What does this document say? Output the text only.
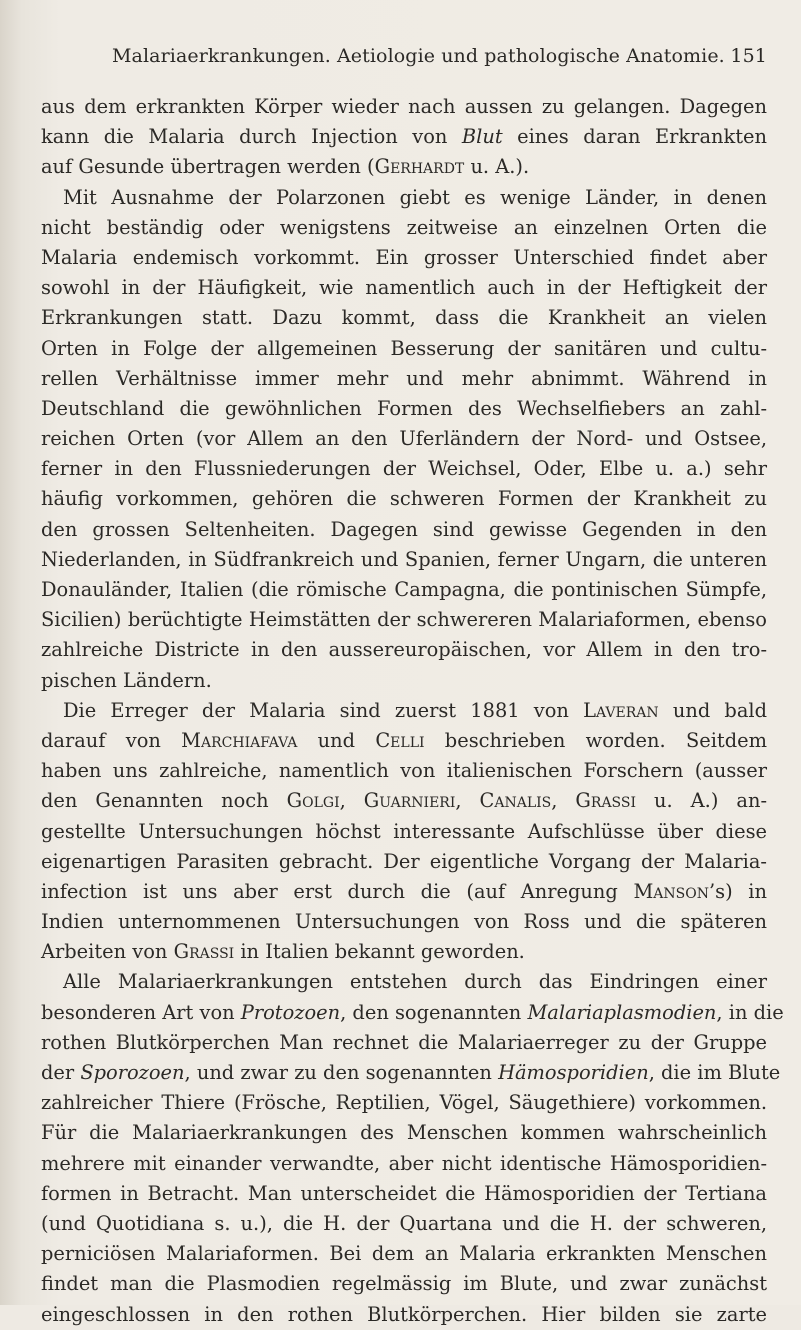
Malariaerkrankungen. Aetiologie und pathologische Anatomie. 151
aus dem erkrankten Körper wieder nach aussen zu gelangen. Dagegen
kann die Malaria durch Injection von Blut eines daran Erkrankten
auf Gesunde übertragen werden (Gerhardt u. A.).
Mit Ausnahme der Polarzonen giebt es wenige Länder, in denen
nicht beständig oder wenigstens zeitweise an einzelnen Orten die
Malaria endemisch vorkommt. Ein grosser Unterschied findet aber
sowohl in der Häufigkeit, wie namentlich auch in der Heftigkeit der
Erkrankungen statt. Dazu kommt, dass die Krankheit an vielen
Orten in Folge der allgemeinen Besserung der sanitären und cultu-
rellen Verhältnisse immer mehr und mehr abnimmt. Während in
Deutschland die gewöhnlichen Formen des Wechselfiebers an zahl-
reichen Orten (vor Allem an den Uferländern der Nord- und Ostsee,
ferner in den Flussniederungen der Weichsel, Oder, Elbe u. a.) sehr
häufig vorkommen, gehören die schweren Formen der Krankheit zu
den grossen Seltenheiten. Dagegen sind gewisse Gegenden in den
Niederlanden, in Südfrankreich und Spanien, ferner Ungarn, die unteren
Donauländer, Italien (die römische Campagna, die pontinischen Sümpfe,
Sicilien) berüchtigte Heimstätten der schwereren Malariaformen, ebenso
zahlreiche Districte in den aussereuropäischen, vor Allem in den tro-
pischen Ländern.
Die Erreger der Malaria sind zuerst 1881 von Laveran und bald
darauf von Marchiafava und Celli beschrieben worden. Seitdem
haben uns zahlreiche, namentlich von italienischen Forschern (ausser
den Genannten noch Golgi, Guarnieri, Canalis, Grassi u. A.) an-
gestellte Untersuchungen höchst interessante Aufschlüsse über diese
eigenartigen Parasiten gebracht. Der eigentliche Vorgang der Malaria-
infection ist uns aber erst durch die (auf Anregung Manson’s) in
Indien unternommenen Untersuchungen von Ross und die späteren
Arbeiten von Grassi in Italien bekannt geworden.
Alle Malariaerkrankungen entstehen durch das Eindringen einer
besonderen Art von Protozoen, den sogenannten Malariaplasmodien, in die
rothen Blutkörperchen Man rechnet die Malariaerreger zu der Gruppe
der Sporozoen, und zwar zu den sogenannten Hämosporidien, die im Blute
zahlreicher Thiere (Frösche, Reptilien, Vögel, Säugethiere) vorkommen.
Für die Malariaerkrankungen des Menschen kommen wahrscheinlich
mehrere mit einander verwandte, aber nicht identische Hämosporidien-
formen in Betracht. Man unterscheidet die Hämosporidien der Tertiana
(und Quotidiana s. u.), die H. der Quartana und die H. der schweren,
perniciösen Malariaformen. Bei dem an Malaria erkrankten Menschen
findet man die Plasmodien regelmässig im Blute, und zwar zunächst
eingeschlossen in den rothen Blutkörperchen. Hier bilden sie zarte
